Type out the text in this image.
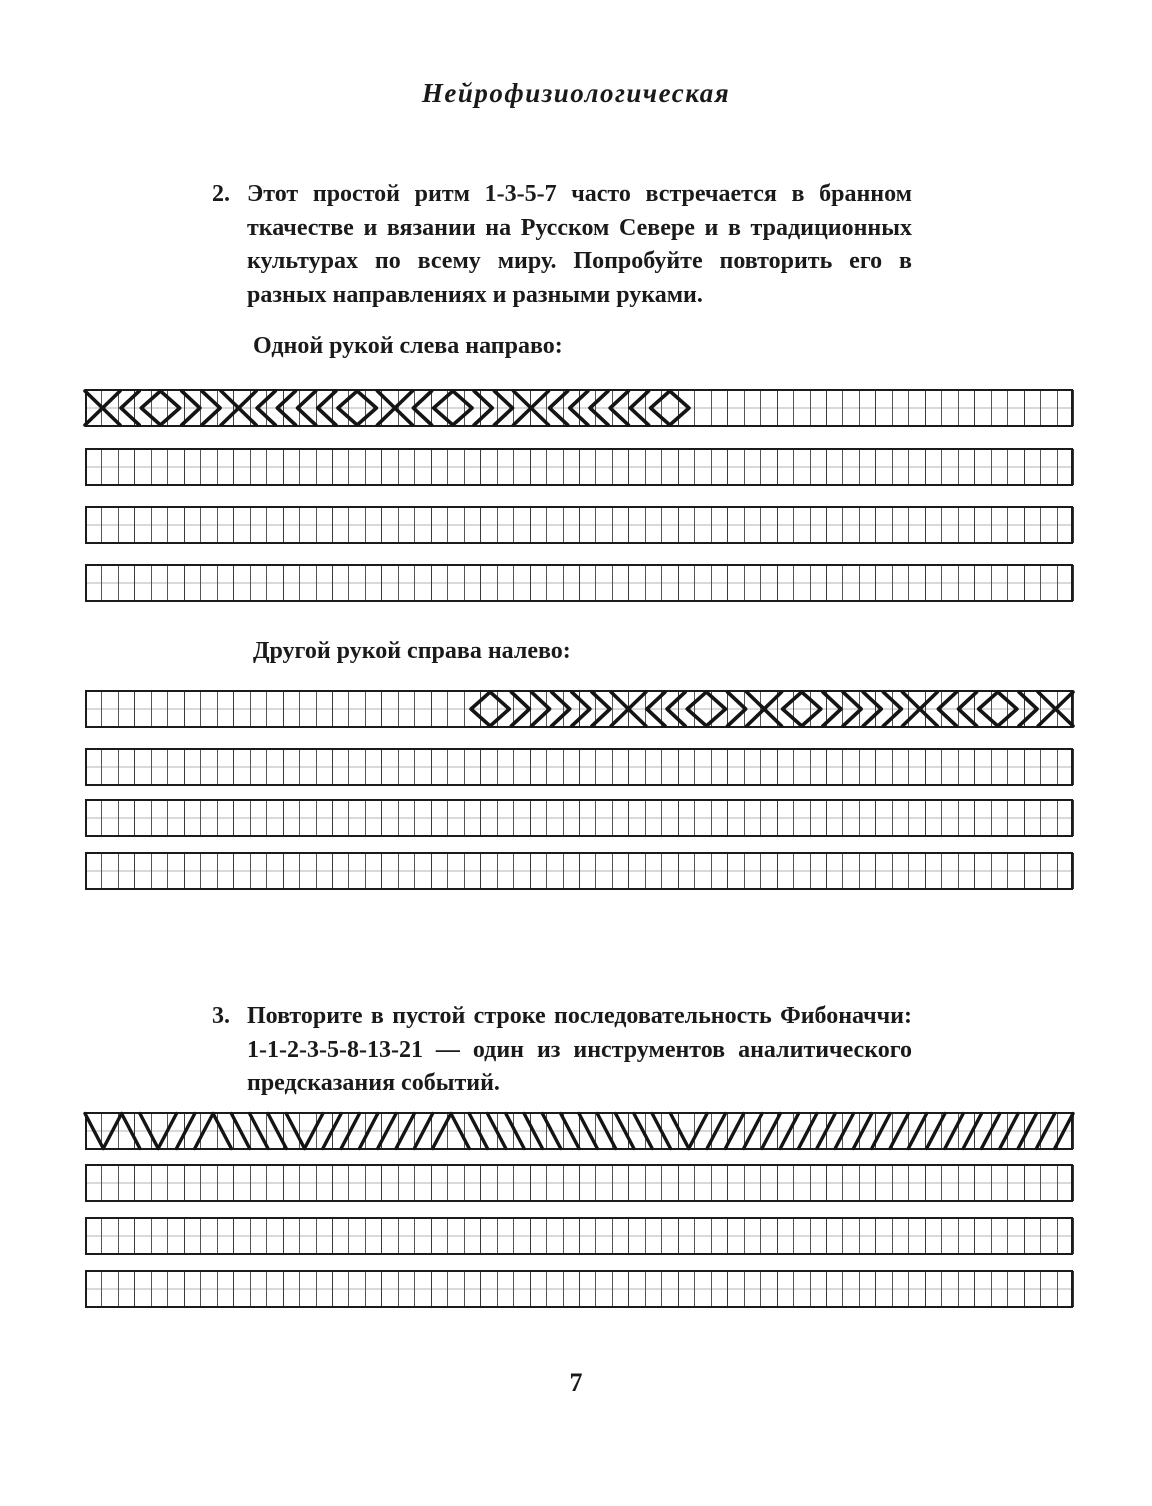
Нейрофизиологическая
2. Этот простой ритм 1-3-5-7 часто встречается в бранном ткачестве и вязании на Русском Севере и в традиционных культурах по всему миру. Попробуйте повторить его в разных направлениях и разными руками.

Одной рукой слева направо:
Другой рукой справа налево:
3. Повторите в пустой строке последовательность Фибоначчи: 1-1-2-3-5-8-13-21 — один из инструментов аналитического предсказания событий.

7
